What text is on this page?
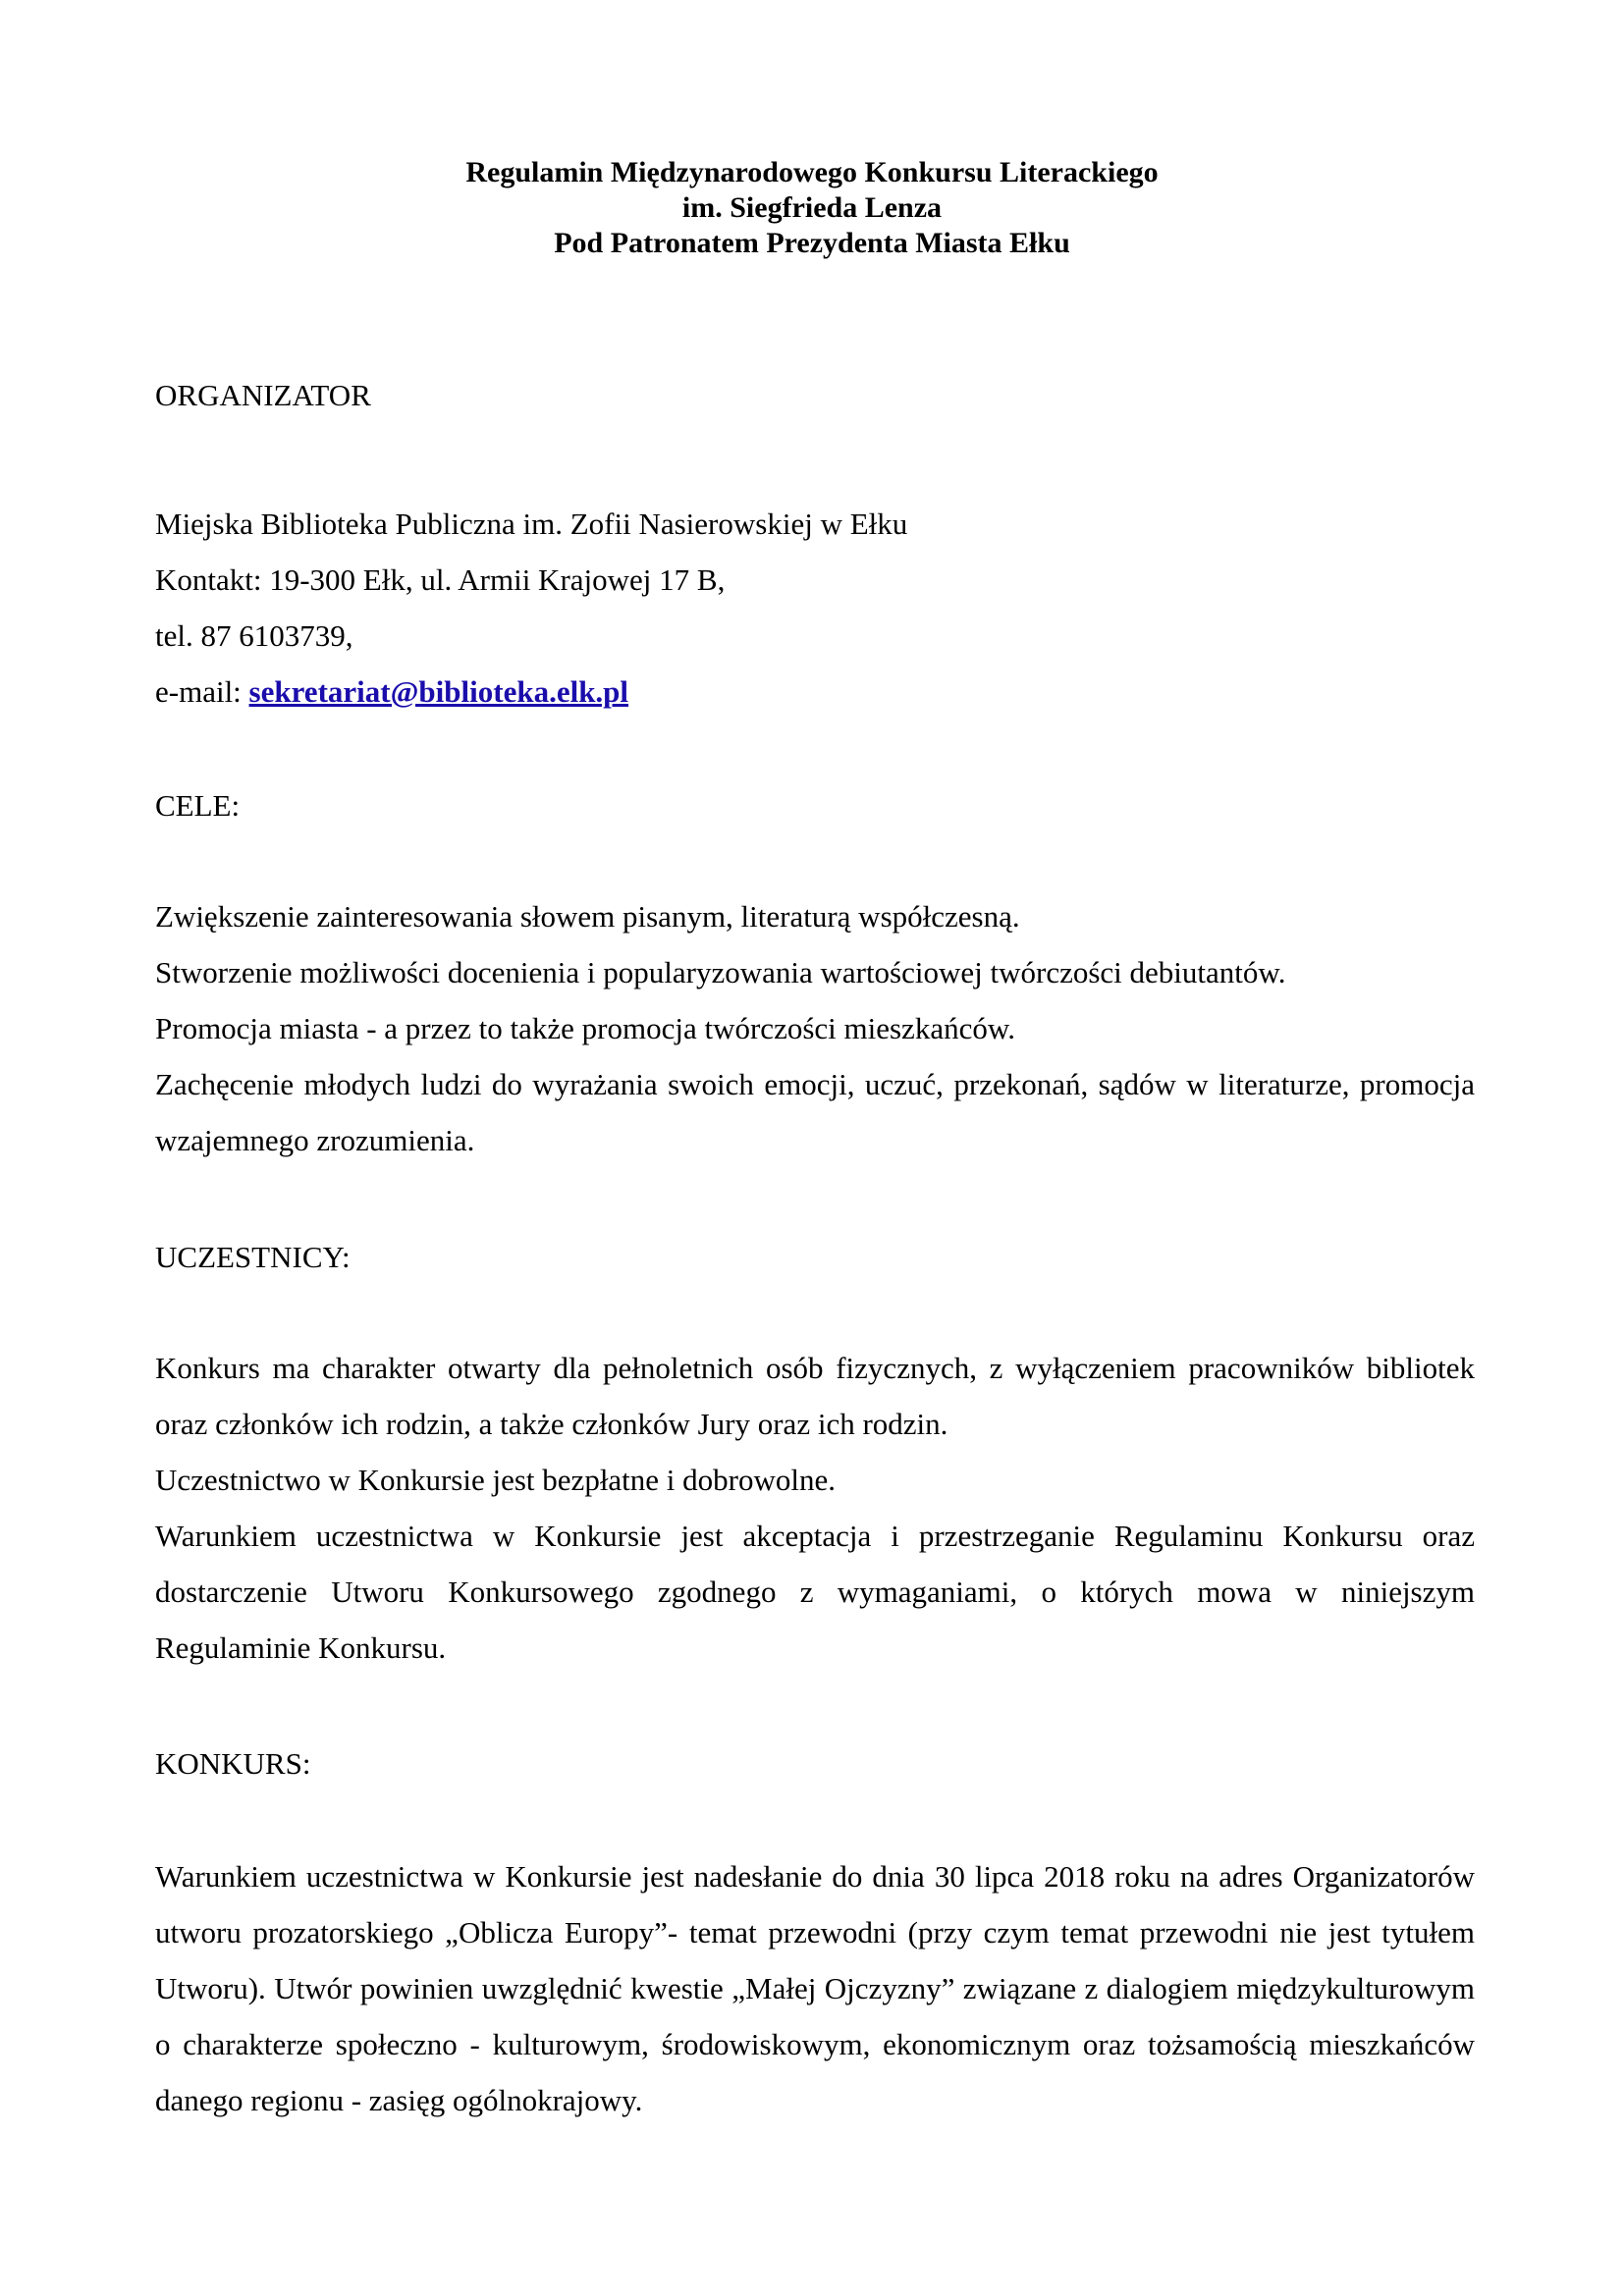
Regulamin Międzynarodowego Konkursu Literackiego
im. Siegfrieda Lenza
Pod Patronatem Prezydenta Miasta Ełku
ORGANIZATOR
Miejska Biblioteka Publiczna im. Zofii Nasierowskiej w Ełku
Kontakt: 19-300 Ełk, ul. Armii Krajowej 17 B,
tel. 87 6103739,
e-mail: sekretariat@biblioteka.elk.pl
CELE:
Zwiększenie zainteresowania słowem pisanym, literaturą współczesną.
Stworzenie możliwości docenienia i popularyzowania wartościowej twórczości debiutantów.
Promocja miasta - a przez to także promocja twórczości mieszkańców.
Zachęcenie młodych ludzi do wyrażania swoich emocji, uczuć, przekonań, sądów w literaturze, promocja wzajemnego zrozumienia.
UCZESTNICY:
Konkurs ma charakter otwarty dla pełnoletnich osób fizycznych, z wyłączeniem pracowników bibliotek oraz członków ich rodzin, a także członków Jury oraz ich rodzin.
Uczestnictwo w Konkursie jest bezpłatne i dobrowolne.
Warunkiem uczestnictwa w Konkursie jest akceptacja i przestrzeganie Regulaminu Konkursu oraz dostarczenie Utworu Konkursowego zgodnego z wymaganiami, o których mowa w niniejszym Regulaminie Konkursu.
KONKURS:
Warunkiem uczestnictwa w Konkursie jest nadesłanie do dnia 30 lipca 2018 roku na adres Organizatorów utworu prozatorskiego „Oblicza Europy”- temat przewodni (przy czym temat przewodni nie jest tytułem Utworu). Utwór powinien uwzględnić kwestie „Małej Ojczyzny” związane z dialogiem międzykulturowym o charakterze społeczno - kulturowym, środowiskowym, ekonomicznym oraz tożsamością mieszkańców danego regionu - zasięg ogólnokrajowy.
